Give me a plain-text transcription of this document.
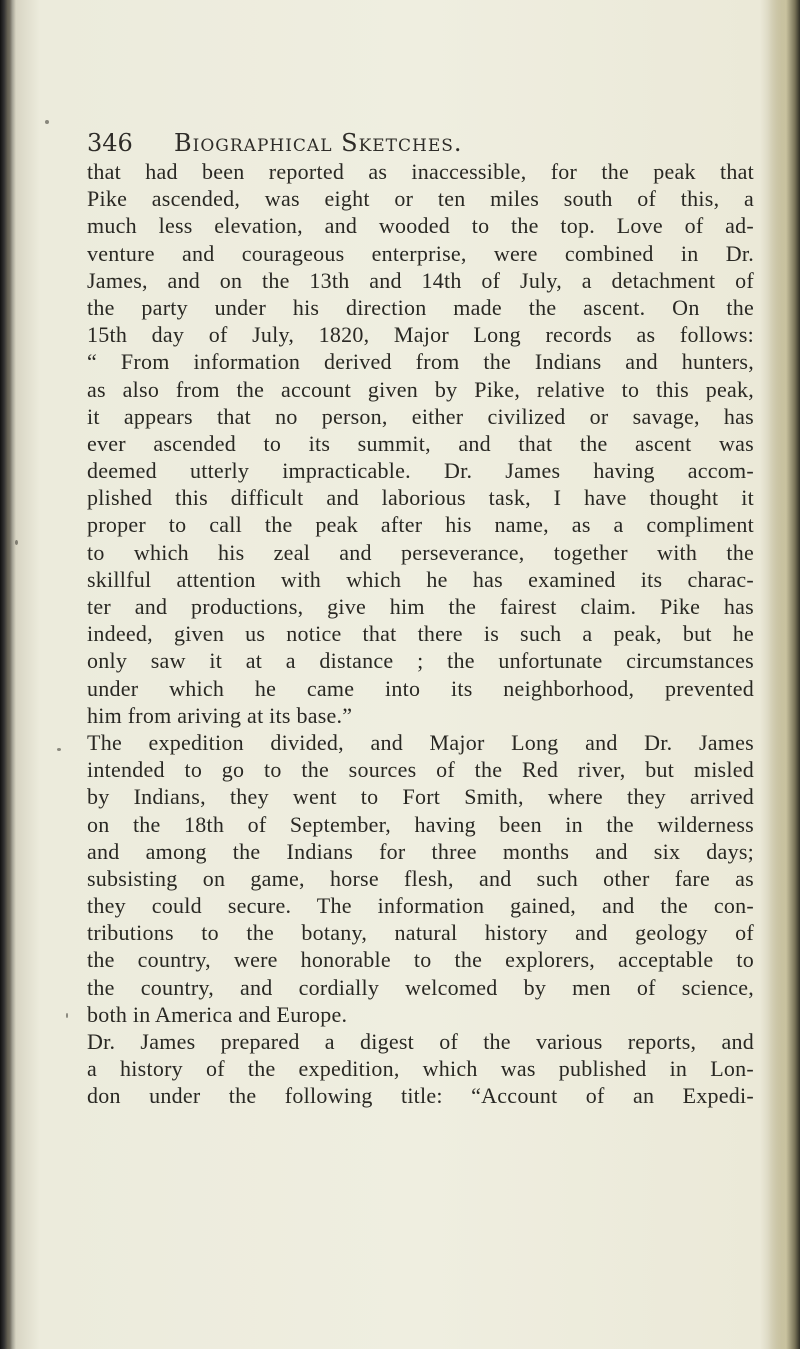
346 Biographical Sketches.
that had been reported as inaccessible, for the peak that
Pike ascended, was eight or ten miles south of this, a
much less elevation, and wooded to the top. Love of ad-
venture and courageous enterprise, were combined in Dr.
James, and on the 13th and 14th of July, a detachment of
the party under his direction made the ascent. On the
15th day of July, 1820, Major Long records as follows:
“ From information derived from the Indians and hunters,
as also from the account given by Pike, relative to this peak,
it appears that no person, either civilized or savage, has
ever ascended to its summit, and that the ascent was
deemed utterly impracticable. Dr. James having accom-
plished this difficult and laborious task, I have thought it
proper to call the peak after his name, as a compliment
to which his zeal and perseverance, together with the
skillful attention with which he has examined its charac-
ter and productions, give him the fairest claim. Pike has
indeed, given us notice that there is such a peak, but he
only saw it at a distance ; the unfortunate circumstances
under which he came into its neighborhood, prevented
him from ariving at its base.”
The expedition divided, and Major Long and Dr. James
intended to go to the sources of the Red river, but misled
by Indians, they went to Fort Smith, where they arrived
on the 18th of September, having been in the wilderness
and among the Indians for three months and six days;
subsisting on game, horse flesh, and such other fare as
they could secure. The information gained, and the con-
tributions to the botany, natural history and geology of
the country, were honorable to the explorers, acceptable to
the country, and cordially welcomed by men of science,
both in America and Europe.
Dr. James prepared a digest of the various reports, and
a history of the expedition, which was published in Lon-
don under the following title: “Account of an Expedi-
